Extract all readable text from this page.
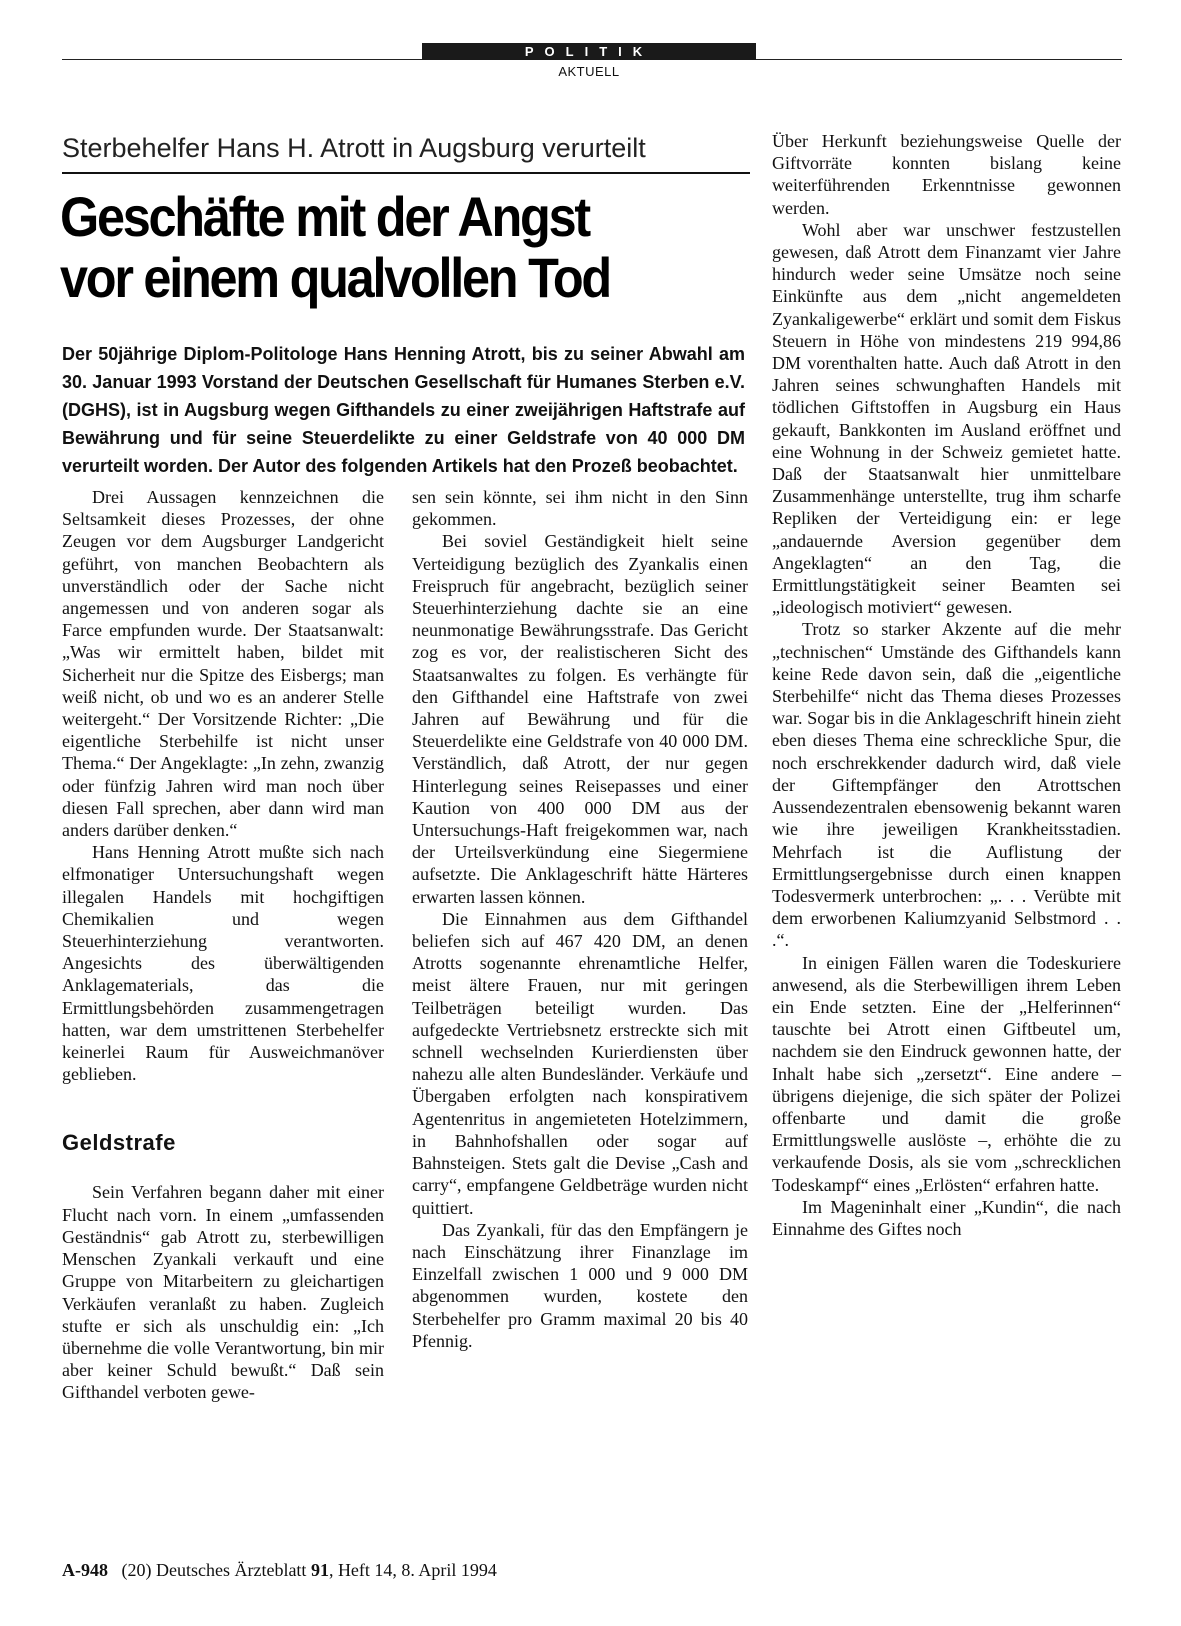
POLITIK
AKTUELL
Sterbehelfer Hans H. Atrott in Augsburg verurteilt
Geschäfte mit der Angst
vor einem qualvollen Tod

Der 50jährige Diplom-Politologe Hans Henning Atrott, bis zu seiner Abwahl am 30. Januar 1993 Vorstand der Deutschen Gesellschaft für Humanes Sterben e.V. (DGHS), ist in Augsburg wegen Gifthandels zu einer zweijährigen Haftstrafe auf Bewährung und für seine Steuerdelikte zu einer Geldstrafe von 40 000 DM verurteilt worden. Der Autor des folgenden Artikels hat den Prozeß beobachtet.

Drei Aussagen kennzeichnen die Seltsamkeit dieses Prozesses, der ohne Zeugen vor dem Augsburger Landgericht geführt, von manchen Beobachtern als unverständlich oder der Sache nicht angemessen und von anderen sogar als Farce empfunden wurde. Der Staatsanwalt: „Was wir ermittelt haben, bildet mit Sicherheit nur die Spitze des Eisbergs; man weiß nicht, ob und wo es an anderer Stelle weitergeht.“ Der Vorsitzende Richter: „Die eigentliche Sterbehilfe ist nicht unser Thema.“ Der Angeklagte: „In zehn, zwanzig oder fünfzig Jahren wird man noch über diesen Fall sprechen, aber dann wird man anders darüber denken.“

Hans Henning Atrott mußte sich nach elfmonatiger Untersuchungshaft wegen illegalen Handels mit hochgiftigen Chemikalien und wegen Steuerhinterziehung verantworten. Angesichts des überwältigenden Anklagematerials, das die Ermittlungsbehörden zusammengetragen hatten, war dem umstrittenen Sterbehelfer keinerlei Raum für Ausweichmanöver geblieben.

Geldstrafe

Sein Verfahren begann daher mit einer Flucht nach vorn. In einem „umfassenden Geständnis“ gab Atrott zu, sterbewilligen Menschen Zyankali verkauft und eine Gruppe von Mitarbeitern zu gleichartigen Verkäufen veranlaßt zu haben. Zugleich stufte er sich als unschuldig ein: „Ich übernehme die volle Verantwortung, bin mir aber keiner Schuld bewußt.“ Daß sein Gifthandel verboten gewe-

sen sein könnte, sei ihm nicht in den Sinn gekommen.

Bei soviel Geständigkeit hielt seine Verteidigung bezüglich des Zyankalis einen Freispruch für angebracht, bezüglich seiner Steuerhinterziehung dachte sie an eine neunmonatige Bewährungsstrafe. Das Gericht zog es vor, der realistischeren Sicht des Staatsanwaltes zu folgen. Es verhängte für den Gifthandel eine Haftstrafe von zwei Jahren auf Bewährung und für die Steuerdelikte eine Geldstrafe von 40 000 DM. Verständlich, daß Atrott, der nur gegen Hinterlegung seines Reisepasses und einer Kaution von 400 000 DM aus der Untersuchungs-Haft freigekommen war, nach der Urteilsverkündung eine Siegermiene aufsetzte. Die Anklageschrift hätte Härteres erwarten lassen können.

Die Einnahmen aus dem Gifthandel beliefen sich auf 467 420 DM, an denen Atrotts sogenannte ehrenamtliche Helfer, meist ältere Frauen, nur mit geringen Teilbeträgen beteiligt wurden. Das aufgedeckte Vertriebsnetz erstreckte sich mit schnell wechselnden Kurierdiensten über nahezu alle alten Bundesländer. Verkäufe und Übergaben erfolgten nach konspirativem Agentenritus in angemieteten Hotelzimmern, in Bahnhofshallen oder sogar auf Bahnsteigen. Stets galt die Devise „Cash and carry“, empfangene Geldbeträge wurden nicht quittiert.

Das Zyankali, für das den Empfängern je nach Einschätzung ihrer Finanzlage im Einzelfall zwischen 1 000 und 9 000 DM abgenommen wurden, kostete den Sterbehelfer pro Gramm maximal 20 bis 40 Pfennig.

Über Herkunft beziehungsweise Quelle der Giftvorräte konnten bislang keine weiterführenden Erkenntnisse gewonnen werden.

Wohl aber war unschwer festzustellen gewesen, daß Atrott dem Finanzamt vier Jahre hindurch weder seine Umsätze noch seine Einkünfte aus dem „nicht angemeldeten Zyankaligewerbe“ erklärt und somit dem Fiskus Steuern in Höhe von mindestens 219 994,86 DM vorenthalten hatte. Auch daß Atrott in den Jahren seines schwunghaften Handels mit tödlichen Giftstoffen in Augsburg ein Haus gekauft, Bankkonten im Ausland eröffnet und eine Wohnung in der Schweiz gemietet hatte. Daß der Staatsanwalt hier unmittelbare Zusammenhänge unterstellte, trug ihm scharfe Repliken der Verteidigung ein: er lege „andauernde Aversion gegenüber dem Angeklagten“ an den Tag, die Ermittlungstätigkeit seiner Beamten sei „ideologisch motiviert“ gewesen.

Trotz so starker Akzente auf die mehr „technischen“ Umstände des Gifthandels kann keine Rede davon sein, daß die „eigentliche Sterbehilfe“ nicht das Thema dieses Prozesses war. Sogar bis in die Anklageschrift hinein zieht eben dieses Thema eine schreckliche Spur, die noch erschrekkender dadurch wird, daß viele der Giftempfänger den Atrottschen Aussendezentralen ebensowenig bekannt waren wie ihre jeweiligen Krankheitsstadien. Mehrfach ist die Auflistung der Ermittlungsergebnisse durch einen knappen Todesvermerk unterbrochen: „. . . Verübte mit dem erworbenen Kaliumzyanid Selbstmord . . .“.

In einigen Fällen waren die Todeskuriere anwesend, als die Sterbewilligen ihrem Leben ein Ende setzten. Eine der „Helferinnen“ tauschte bei Atrott einen Giftbeutel um, nachdem sie den Eindruck gewonnen hatte, der Inhalt habe sich „zersetzt“. Eine andere – übrigens diejenige, die sich später der Polizei offenbarte und damit die große Ermittlungswelle auslöste –, erhöhte die zu verkaufende Dosis, als sie vom „schrecklichen Todeskampf“ eines „Erlösten“ erfahren hatte.

Im Mageninhalt einer „Kundin“, die nach Einnahme des Giftes noch

A-948 (20) Deutsches Ärzteblatt 91, Heft 14, 8. April 1994
